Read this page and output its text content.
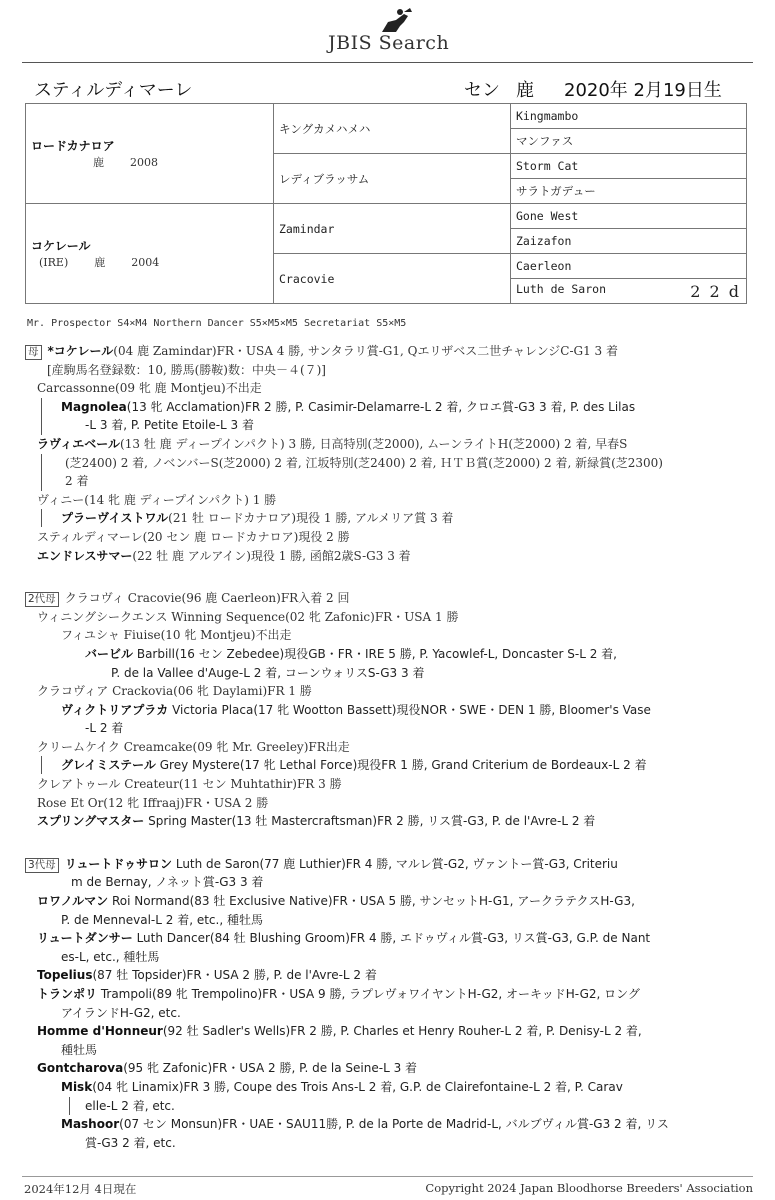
JBIS Search
スティルディマーレ	セン 鹿 2020年 2月19日生
ロードカナロア
鹿 2008	キングカメハメハ	Kingmambo
		マンファス
	レディブラッサム	Storm Cat
		サラトガデュー

コケレール
(IRE) 鹿 2004	Zamindar	Gone West
		Zaizafon
	Cracovie	Caerleon
		Luth de Saron 2 2 d
Mr. Prospector S4×M4 Northern Dancer S5×M5×M5 Secretariat S5×M5
母 *コケレール(04 鹿 Zamindar)FR・USA 4 勝, サンタラリ賞-G1, Qエリザベス二世チャレンジC-G1 3 着
[産駒馬名登録数：10, 勝馬(勝鞍)数：中央－４(７)]
Carcassonne(09 牝 鹿 Montjeu)不出走
Magnolea(13 牝 Acclamation)FR 2 勝, P. Casimir-Delamarre-L 2 着, クロエ賞-G3 3 着, P. des Lilas
-L 3 着, P. Petite Etoile-L 3 着
ラヴィエベール(13 牡 鹿 ディープインパクト) 3 勝, 日高特別(芝2000), ムーンライトH(芝2000) 2 着, 早春S
(芝2400) 2 着, ノベンバーS(芝2000) 2 着, 江坂特別(芝2400) 2 着, ＨＴＢ賞(芝2000) 2 着, 新緑賞(芝2300)
2 着
ヴィニー(14 牝 鹿 ディープインパクト) 1 勝
プラーヴイストワル(21 牡 ロードカナロア)現役 1 勝, アルメリア賞 3 着
スティルディマーレ(20 セン 鹿 ロードカナロア)現役 2 勝
エンドレスサマー(22 牡 鹿 アルアイン)現役 1 勝, 函館2歳S-G3 3 着
2代母 クラコヴィ Cracovie(96 鹿 Caerleon)FR入着 2 回
ウィニングシークエンス Winning Sequence(02 牝 Zafonic)FR・USA 1 勝
フィユシャ Fiuise(10 牝 Montjeu)不出走
バービル Barbill(16 セン Zebedee)現役GB・FR・IRE 5 勝, P. Yacowlef-L, Doncaster S-L 2 着,
P. de la Vallee d'Auge-L 2 着, コーンウォリスS-G3 3 着
クラコヴィア Crackovia(06 牝 Daylami)FR 1 勝
ヴィクトリアプラカ Victoria Placa(17 牝 Wootton Bassett)現役NOR・SWE・DEN 1 勝, Bloomer's Vase
-L 2 着
クリームケイク Creamcake(09 牝 Mr. Greeley)FR出走
グレイミステール Grey Mystere(17 牝 Lethal Force)現役FR 1 勝, Grand Criterium de Bordeaux-L 2 着
クレアトゥール Createur(11 セン Muhtathir)FR 3 勝
Rose Et Or(12 牝 Iffraaj)FR・USA 2 勝
スプリングマスター Spring Master(13 牡 Mastercraftsman)FR 2 勝, リス賞-G3, P. de l'Avre-L 2 着
3代母 リュートドゥサロン Luth de Saron(77 鹿 Luthier)FR 4 勝, マルレ賞-G2, ヴァントー賞-G3, Criteriu
m de Bernay, ノネット賞-G3 3 着
ロワノルマン Roi Normand(83 牡 Exclusive Native)FR・USA 5 勝, サンセットH-G1, アークラテクスH-G3,
P. de Menneval-L 2 着, etc., 種牡馬
リュートダンサー Luth Dancer(84 牡 Blushing Groom)FR 4 勝, エドゥヴィル賞-G3, リス賞-G3, G.P. de Nant
es-L, etc., 種牡馬
Topelius(87 牡 Topsider)FR・USA 2 勝, P. de l'Avre-L 2 着
トランポリ Trampoli(89 牝 Trempolino)FR・USA 9 勝, ラプレヴォワイヤントH-G2, オーキッドH-G2, ロング
アイランドH-G2, etc.
Homme d'Honneur(92 牡 Sadler's Wells)FR 2 勝, P. Charles et Henry Rouher-L 2 着, P. Denisy-L 2 着,
種牡馬
Gontcharova(95 牝 Zafonic)FR・USA 2 勝, P. de la Seine-L 3 着
Misk(04 牝 Linamix)FR 3 勝, Coupe des Trois Ans-L 2 着, G.P. de Clairefontaine-L 2 着, P. Carav
elle-L 2 着, etc.
Mashoor(07 セン Monsun)FR・UAE・SAU11勝, P. de la Porte de Madrid-L, バルブヴィル賞-G3 2 着, リス
賞-G3 2 着, etc.
2024年12月 4日現在	Copyright 2024 Japan Bloodhorse Breeders' Association
